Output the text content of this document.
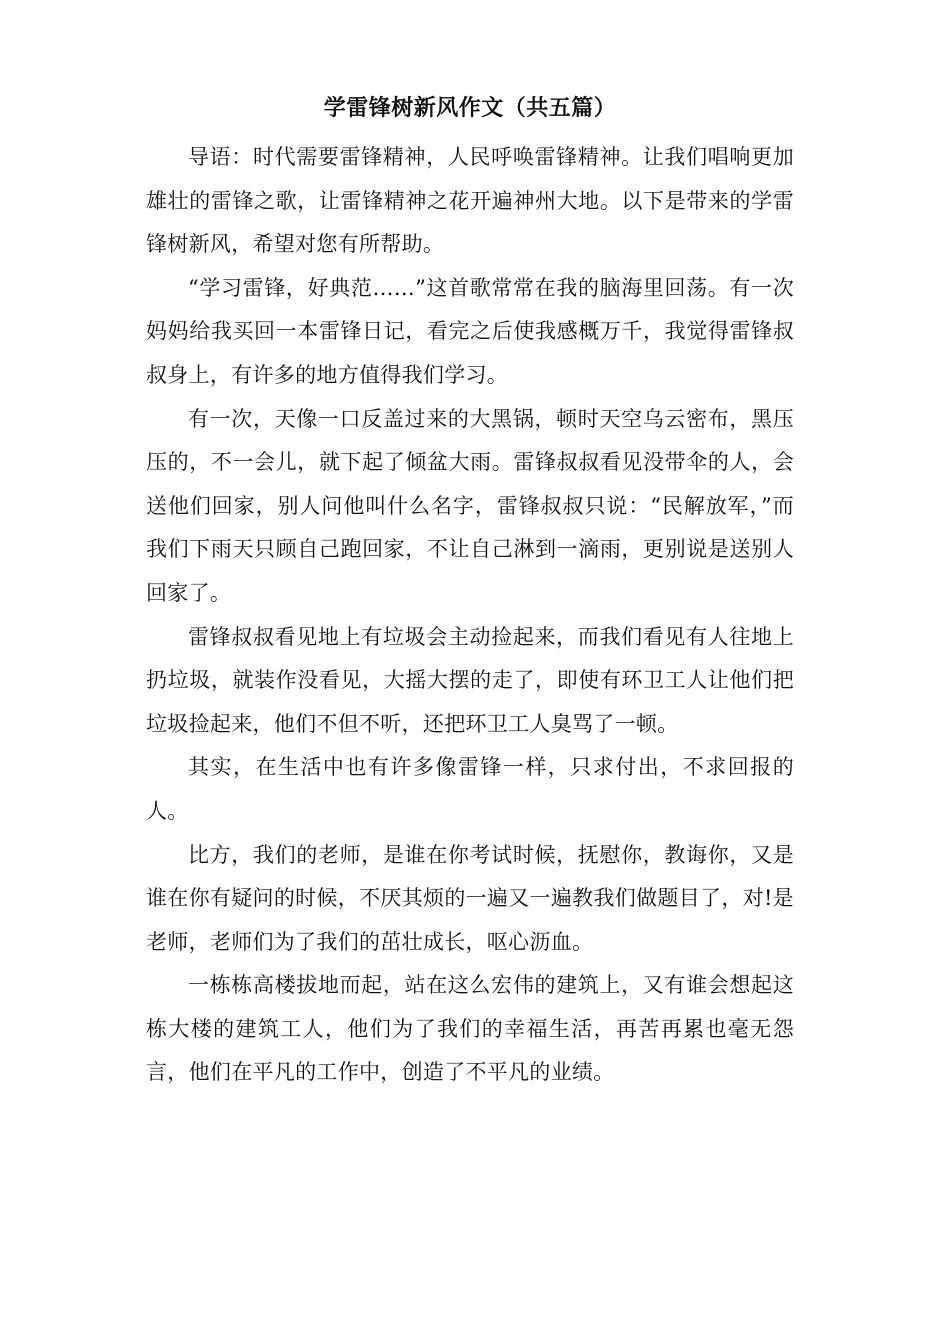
学雷锋树新风作文（共五篇）

导语：时代需要雷锋精神，人民呼唤雷锋精神。让我们唱响更加雄壮的雷锋之歌，让雷锋精神之花开遍神州大地。以下是带来的学雷锋树新风，希望对您有所帮助。

“学习雷锋，好典范……”这首歌常常在我的脑海里回荡。有一次妈妈给我买回一本雷锋日记，看完之后使我感概万千，我觉得雷锋叔叔身上，有许多的地方值得我们学习。

有一次，天像一口反盖过来的大黑锅，顿时天空乌云密布，黑压压的，不一会儿，就下起了倾盆大雨。雷锋叔叔看见没带伞的人，会送他们回家，别人问他叫什么名字，雷锋叔叔只说：“民解放军，”而我们下雨天只顾自己跑回家，不让自己淋到一滴雨，更别说是送别人回家了。

雷锋叔叔看见地上有垃圾会主动捡起来，而我们看见有人往地上扔垃圾，就装作没看见，大摇大摆的走了，即使有环卫工人让他们把垃圾捡起来，他们不但不听，还把环卫工人臭骂了一顿。

其实，在生活中也有许多像雷锋一样，只求付出，不求回报的人。

比方，我们的老师，是谁在你考试时候，抚慰你，教诲你，又是谁在你有疑问的时候，不厌其烦的一遍又一遍教我们做题目了，对!是老师，老师们为了我们的茁壮成长，呕心沥血。

一栋栋高楼拔地而起，站在这么宏伟的建筑上，又有谁会想起这栋大楼的建筑工人，他们为了我们的幸福生活，再苦再累也毫无怨言，他们在平凡的工作中，创造了不平凡的业绩。
